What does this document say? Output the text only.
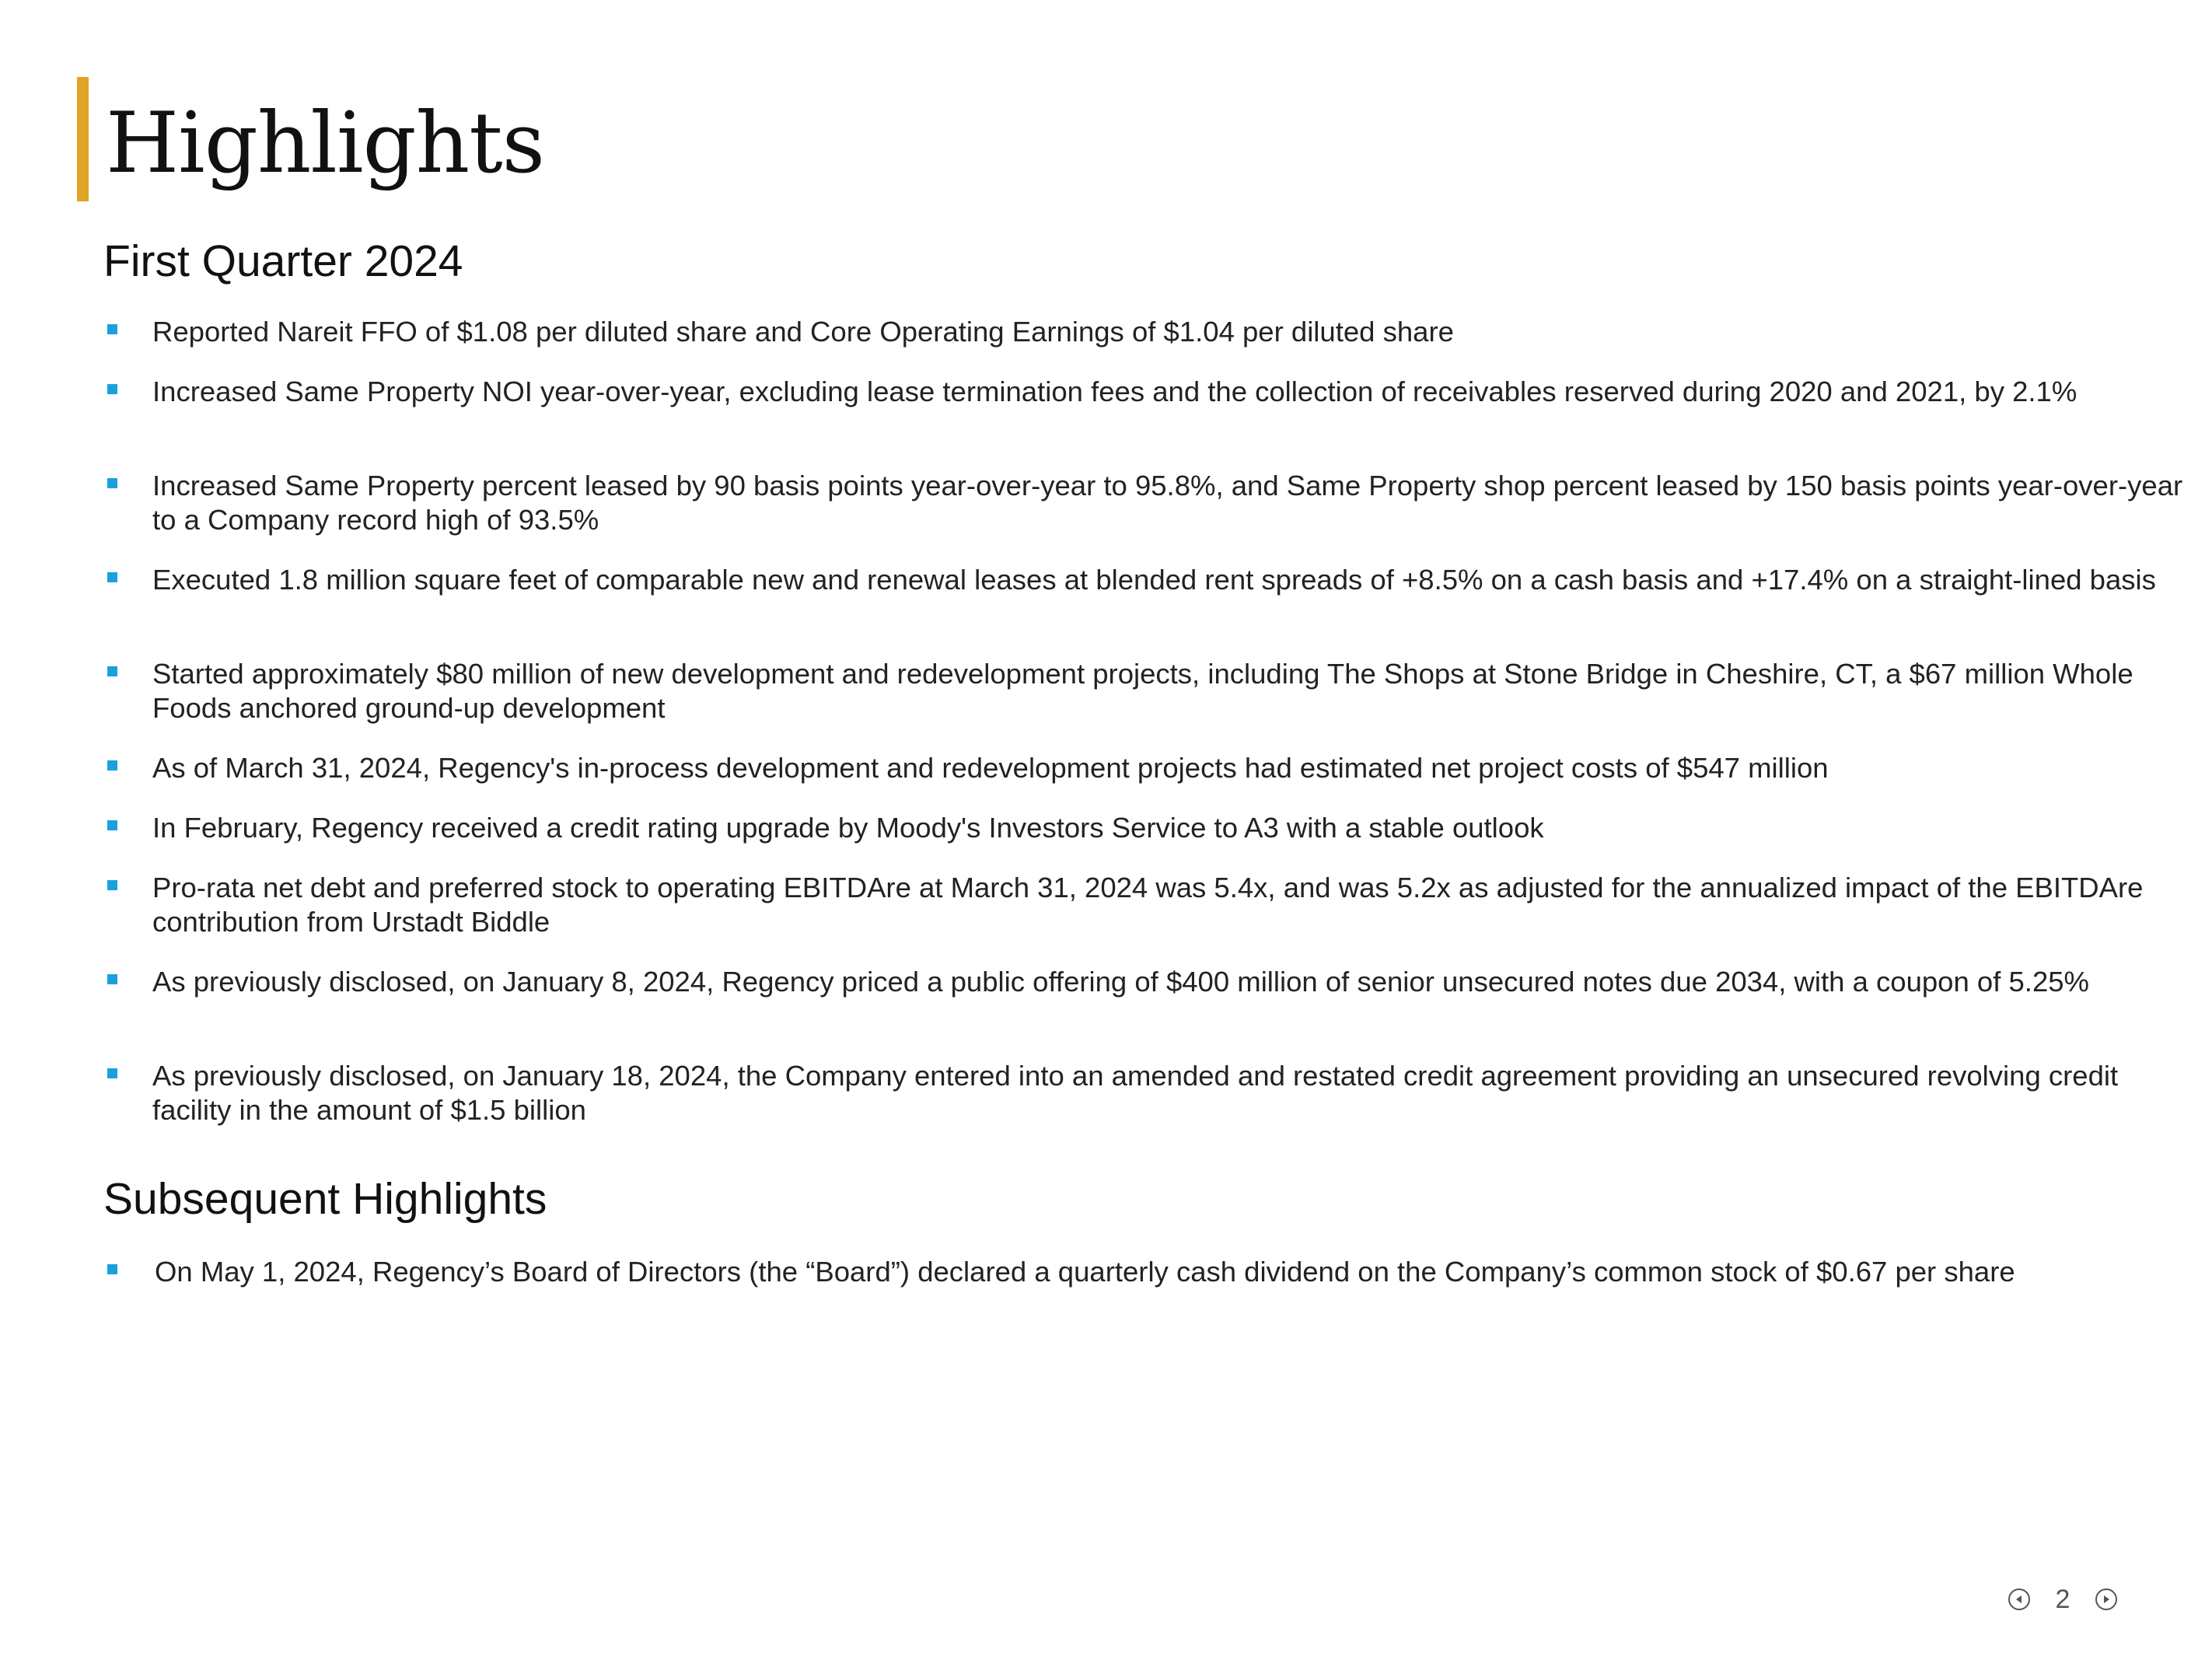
Highlights
First Quarter 2024
Reported Nareit FFO of $1.08 per diluted share and Core Operating Earnings of $1.04 per diluted share
Increased Same Property NOI year-over-year, excluding lease termination fees and the collection of receivables reserved during 2020 and 2021, by 2.1%
Increased Same Property percent leased by 90 basis points year-over-year to 95.8%, and Same Property shop percent leased by 150 basis points year-over-year to a Company record high of 93.5%
Executed 1.8 million square feet of comparable new and renewal leases at blended rent spreads of +8.5% on a cash basis and +17.4% on a straight-lined basis
Started approximately $80 million of new development and redevelopment projects, including The Shops at Stone Bridge in Cheshire, CT, a $67 million Whole Foods anchored ground-up development
As of March 31, 2024, Regency's in-process development and redevelopment projects had estimated net project costs of $547 million
In February, Regency received a credit rating upgrade by Moody's Investors Service to A3 with a stable outlook
Pro-rata net debt and preferred stock to operating EBITDAre at March 31, 2024 was 5.4x, and was 5.2x as adjusted for the annualized impact of the EBITDAre contribution from Urstadt Biddle
As previously disclosed, on January 8, 2024, Regency priced a public offering of $400 million of senior unsecured notes due 2034, with a coupon of 5.25%
As previously disclosed, on January 18, 2024, the Company entered into an amended and restated credit agreement providing an unsecured revolving credit facility in the amount of $1.5 billion
Subsequent Highlights
On May 1, 2024, Regency’s Board of Directors (the “Board”) declared a quarterly cash dividend on the Company’s common stock of $0.67 per share
2
